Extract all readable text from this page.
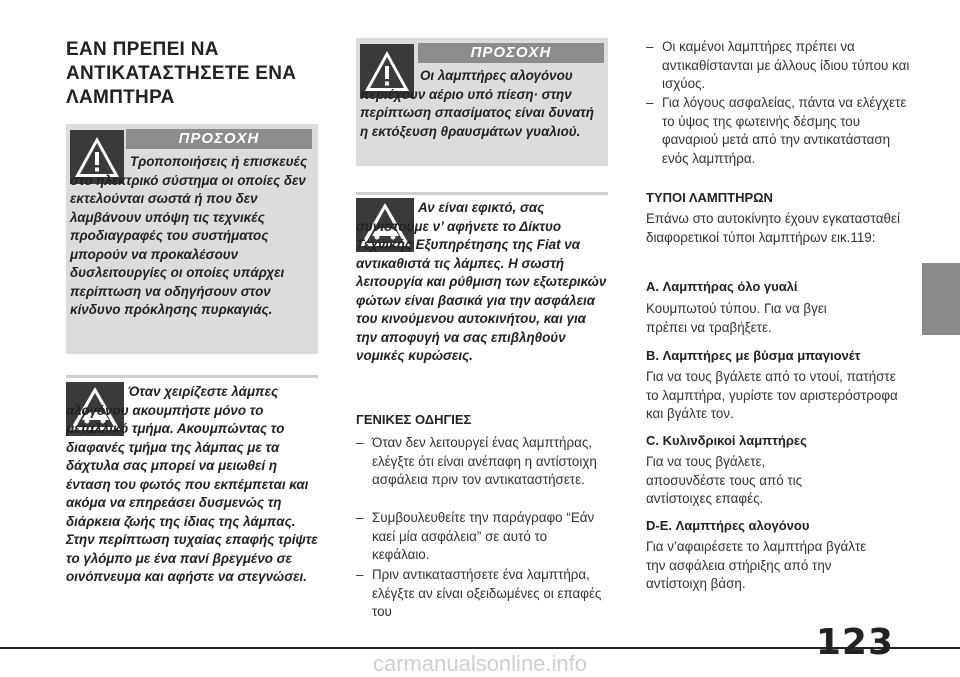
ΕΑΝ ΠΡΕΠΕΙ ΝΑ ΑΝΤΙΚΑΤΑΣΤΗΣΕΤΕ ΕΝΑ ΛΑΜΠΤΗΡΑ
ΠΡΟΣΟΧΗ
Τροποποιήσεις ή επισκευές στο ηλεκτρικό σύστημα οι οποίες δεν εκτελούνται σωστά ή που δεν λαμβάνουν υπόψη τις τεχνικές προδιαγραφές του συστήματος μπορούν να προκαλέσουν δυσλειτουργίες οι οποίες υπάρχει περίπτωση να οδηγήσουν στον κίνδυνο πρόκλησης πυρκαγιάς.
Όταν χειρίζεστε λάμπες αλογόνου ακουμπήστε μόνο το μεταλλικό τμήμα. Ακουμπώντας το διαφανές τμήμα της λάμπας με τα δάχτυλα σας μπορεί να μειωθεί η ένταση του φωτός που εκπέμπεται και ακόμα να επηρεάσει δυσμενώς τη διάρκεια ζωής της ίδιας της λάμπας. Στην περίπτωση τυχαίας επαφής τρίψτε το γλόμπο με ένα πανί βρεγμένο σε οινόπνευμα και αφήστε να στεγνώσει.
ΠΡΟΣΟΧΗ
Οι λαμπτήρες αλογόνου περιέχουν αέριο υπό πίεση· στην περίπτωση σπασίματος είναι δυνατή η εκτόξευση θραυσμάτων γυαλιού.
Αν είναι εφικτό, σας συνιστούμε ν’ αφήνετε το Δίκτυο Τεχνικής Εξυπηρέτησης της Fiat να αντικαθιστά τις λάμπες. Η σωστή λειτουργία και ρύθμιση των εξωτερικών φώτων είναι βασικά για την ασφάλεια του κινούμενου αυτοκινήτου, και για την αποφυγή να σας επιβληθούν νομικές κυρώσεις.
ΓΕΝΙΚΕΣ ΟΔΗΓΙΕΣ
– Όταν δεν λειτουργεί ένας λαμπτήρας, ελέγξτε ότι είναι ανέπαφη η αντίστοιχη ασφάλεια πριν τον αντικαταστήσετε.
– Συμβουλευθείτε την παράγραφο “Εάν καεί μία ασφάλεια” σε αυτό το κεφάλαιο.
– Πριν αντικαταστήσετε ένα λαμπτήρα, ελέγξτε αν είναι οξειδωμένες οι επαφές του
– Οι καμένοι λαμπτήρες πρέπει να αντικαθίστανται με άλλους ίδιου τύπου και ισχύος.
– Για λόγους ασφαλείας, πάντα να ελέγχετε το ύψος της φωτεινής δέσμης του φαναριού μετά από την αντικατάσταση ενός λαμπτήρα.
ΤΥΠΟΙ ΛΑΜΠΤΗΡΩΝ
Επάνω στο αυτοκίνητο έχουν εγκατασταθεί διαφορετικοί τύποι λαμπτήρων εικ.119:
A. Λαμπτήρας όλο γυαλί
Κουμπωτού τύπου. Για να βγει πρέπει να τραβήξετε.
B. Λαμπτήρες με βύσμα μπαγιονέτ
Για να τους βγάλετε από το ντουί, πατήστε το λαμπτήρα, γυρίστε τον αριστερόστροφα και βγάλτε τον.
C. Κυλινδρικοί λαμπτήρες
Για να τους βγάλετε, αποσυνδέστε τους από τις αντίστοιχες επαφές.
D-E. Λαμπτήρες αλογόνου
Για ν’αφαιρέσετε το λαμπτήρα βγάλτε την ασφάλεια στήριξης από την αντίστοιχη βάση.
123
carmanualsonline.info
